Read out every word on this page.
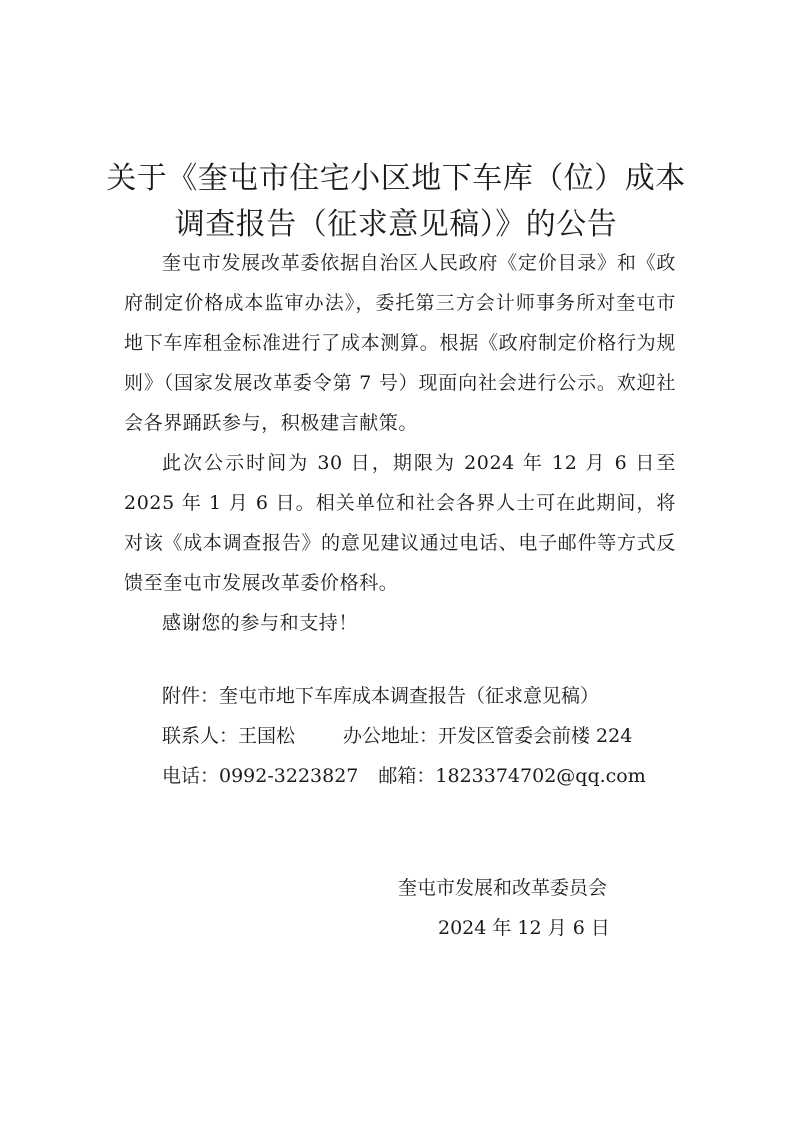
关于《奎屯市住宅小区地下车库（位）成本
调查报告（征求意见稿）》的公告

奎屯市发展改革委依据自治区人民政府《定价目录》和《政府制定价格成本监审办法》，委托第三方会计师事务所对奎屯市地下车库租金标准进行了成本测算。根据《政府制定价格行为规则》（国家发展改革委令第 7 号）现面向社会进行公示。欢迎社会各界踊跃参与，积极建言献策。

此次公示时间为 30 日，期限为 2024 年 12 月 6 日至 2025 年 1 月 6 日。相关单位和社会各界人士可在此期间，将对该《成本调查报告》的意见建议通过电话、电子邮件等方式反馈至奎屯市发展改革委价格科。

感谢您的参与和支持！

附件：奎屯市地下车库成本调查报告（征求意见稿）
联系人：王国松	办公地址：开发区管委会前楼 224
电话：0992-3223827 邮箱：1823374702@qq.com
奎屯市发展和改革委员会
2024 年 12 月 6 日
